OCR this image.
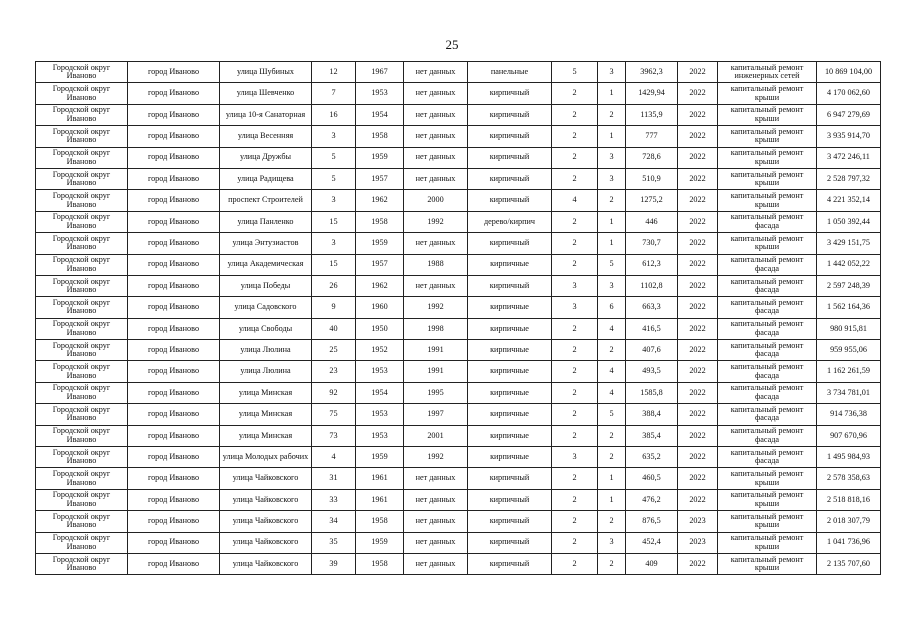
25
Городской округ Иваново	город Иваново	улица Шубиных	12	1967	нет данных	панельные	5	3	3962,3	2022	капитальный ремонт инженерных сетей	10 869 104,00
Городской округ Иваново	город Иваново	улица Шевченко	7	1953	нет данных	кирпичный	2	1	1429,94	2022	капитальный ремонт крыши	4 170 062,60
Городской округ Иваново	город Иваново	улица 10-я Санаторная	16	1954	нет данных	кирпичный	2	2	1135,9	2022	капитальный ремонт крыши	6 947 279,69
Городской округ Иваново	город Иваново	улица Весенняя	3	1958	нет данных	кирпичный	2	1	777	2022	капитальный ремонт крыши	3 935 914,70
Городской округ Иваново	город Иваново	улица Дружбы	5	1959	нет данных	кирпичный	2	3	728,6	2022	капитальный ремонт крыши	3 472 246,11
Городской округ Иваново	город Иваново	улица Радищева	5	1957	нет данных	кирпичный	2	3	510,9	2022	капитальный ремонт крыши	2 528 797,32
Городской округ Иваново	город Иваново	проспект Строителей	3	1962	2000	кирпичный	4	2	1275,2	2022	капитальный ремонт крыши	4 221 352,14
Городской округ Иваново	город Иваново	улица Панленко	15	1958	1992	дерево/кирпич	2	1	446	2022	капитальный ремонт фасада	1 050 392,44
Городской округ Иваново	город Иваново	улица Энтузиастов	3	1959	нет данных	кирпичный	2	1	730,7	2022	капитальный ремонт крыши	3 429 151,75
Городской округ Иваново	город Иваново	улица Академическая	15	1957	1988	кирпичные	2	5	612,3	2022	капитальный ремонт фасада	1 442 052,22
Городской округ Иваново	город Иваново	улица Победы	26	1962	нет данных	кирпичный	3	3	1102,8	2022	капитальный ремонт фасада	2 597 248,39
Городской округ Иваново	город Иваново	улица Садовского	9	1960	1992	кирпичные	3	6	663,3	2022	капитальный ремонт фасада	1 562 164,36
Городской округ Иваново	город Иваново	улица Свободы	40	1950	1998	кирпичные	2	4	416,5	2022	капитальный ремонт фасада	980 915,81
Городской округ Иваново	город Иваново	улица Люлина	25	1952	1991	кирпичные	2	2	407,6	2022	капитальный ремонт фасада	959 955,06
Городской округ Иваново	город Иваново	улица Люлина	23	1953	1991	кирпичные	2	4	493,5	2022	капитальный ремонт фасада	1 162 261,59
Городской округ Иваново	город Иваново	улица Минская	92	1954	1995	кирпичные	2	4	1585,8	2022	капитальный ремонт фасада	3 734 781,01
Городской округ Иваново	город Иваново	улица Минская	75	1953	1997	кирпичные	2	5	388,4	2022	капитальный ремонт фасада	914 736,38
Городской округ Иваново	город Иваново	улица Минская	73	1953	2001	кирпичные	2	2	385,4	2022	капитальный ремонт фасада	907 670,96
Городской округ Иваново	город Иваново	улица Молодых рабочих	4	1959	1992	кирпичные	3	2	635,2	2022	капитальный ремонт фасада	1 495 984,93
Городской округ Иваново	город Иваново	улица Чайковского	31	1961	нет данных	кирпичный	2	1	460,5	2022	капитальный ремонт крыши	2 578 358,63
Городской округ Иваново	город Иваново	улица Чайковского	33	1961	нет данных	кирпичный	2	1	476,2	2022	капитальный ремонт крыши	2 518 818,16
Городской округ Иваново	город Иваново	улица Чайковского	34	1958	нет данных	кирпичный	2	2	876,5	2023	капитальный ремонт крыши	2 018 307,79
Городской округ Иваново	город Иваново	улица Чайковского	35	1959	нет данных	кирпичный	2	3	452,4	2023	капитальный ремонт крыши	1 041 736,96
Городской округ Иваново	город Иваново	улица Чайковского	39	1958	нет данных	кирпичный	2	2	409	2022	капитальный ремонт крыши	2 135 707,60
